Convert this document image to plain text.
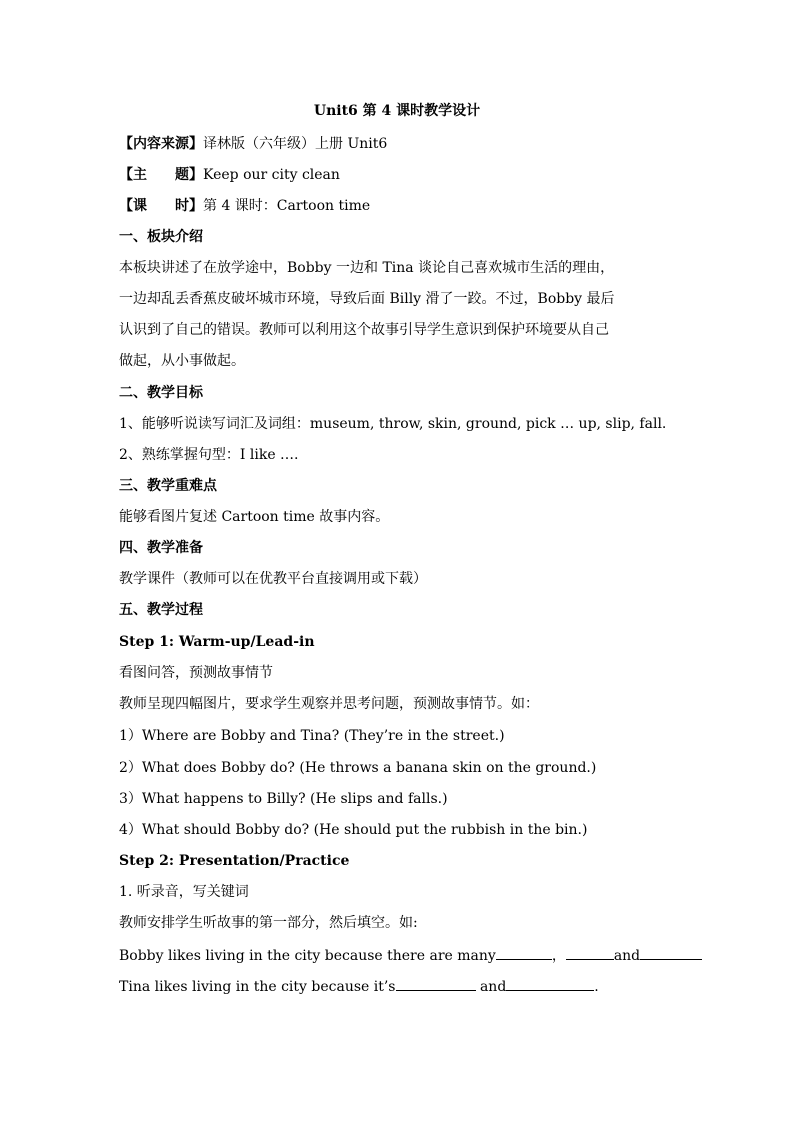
Unit6 第 4 课时教学设计
【内容来源】译林版（六年级）上册 Unit6
【主　　题】Keep our city clean
【课　　时】第 4 课时：Cartoon time
一、板块介绍
本板块讲述了在放学途中，Bobby 一边和 Tina 谈论自己喜欢城市生活的理由，
一边却乱丢香蕉皮破坏城市环境，导致后面 Billy 滑了一跤。不过，Bobby 最后
认识到了自己的错误。教师可以利用这个故事引导学生意识到保护环境要从自己
做起，从小事做起。
二、教学目标
1、能够听说读写词汇及词组：museum, throw, skin, ground, pick … up, slip, fall.
2、熟练掌握句型：I like ….
三、教学重难点
能够看图片复述 Cartoon time 故事内容。
四、教学准备
教学课件（教师可以在优教平台直接调用或下载）
五、教学过程
Step 1: Warm-up/Lead-in
看图问答，预测故事情节
教师呈现四幅图片，要求学生观察并思考问题，预测故事情节。如：
1）Where are Bobby and Tina? (They’re in the street.)
2）What does Bobby do? (He throws a banana skin on the ground.)
3）What happens to Billy? (He slips and falls.)
4）What should Bobby do? (He should put the rubbish in the bin.)
Step 2: Presentation/Practice
1. 听录音，写关键词
教师安排学生听故事的第一部分，然后填空。如:
Bobby likes living in the city because there are many	，	and
Tina likes living in the city because it’s	and	.
